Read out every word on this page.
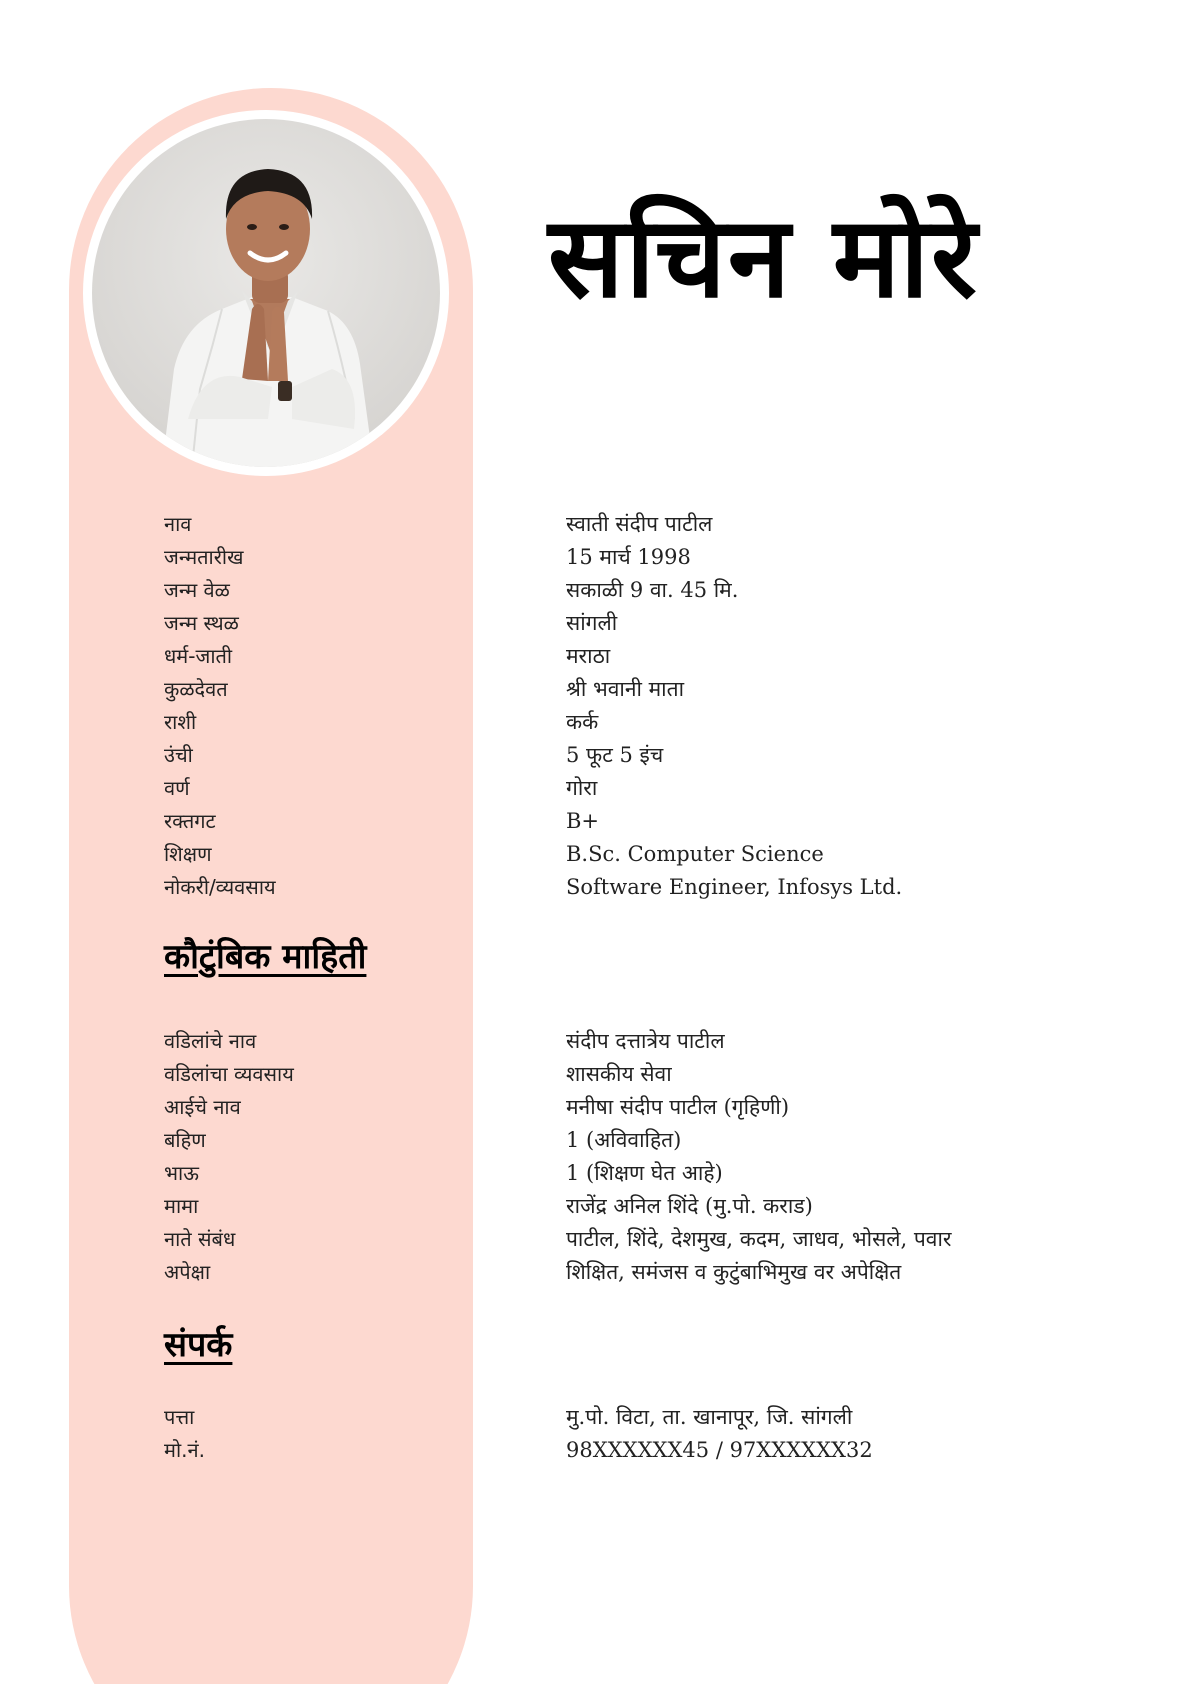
सचिन मोरे
नाव	स्वाती संदीप पाटील
जन्मतारीख	15 मार्च 1998
जन्म वेळ	सकाळी 9 वा. 45 मि.
जन्म स्थळ	सांगली
धर्म-जाती	मराठा
कुळदेवत	श्री भवानी माता
राशी	कर्क
उंची	5 फूट 5 इंच
वर्ण	गोरा
रक्तगट	B+
शिक्षण	B.Sc. Computer Science
नोकरी/व्यवसाय	Software Engineer, Infosys Ltd.
कौटुंबिक माहिती
वडिलांचे नाव	संदीप दत्तात्रेय पाटील
वडिलांचा व्यवसाय	शासकीय सेवा
आईचे नाव	मनीषा संदीप पाटील (गृहिणी)
बहिण	1 (अविवाहित)
भाऊ	1 (शिक्षण घेत आहे)
मामा	राजेंद्र अनिल शिंदे (मु.पो. कराड)
नाते संबंध	पाटील, शिंदे, देशमुख, कदम, जाधव, भोसले, पवार
अपेक्षा	शिक्षित, समंजस व कुटुंबाभिमुख वर अपेक्षित
संपर्क
पत्ता	मु.पो. विटा, ता. खानापूर, जि. सांगली
मो.नं.	98XXXXXX45 / 97XXXXXX32
